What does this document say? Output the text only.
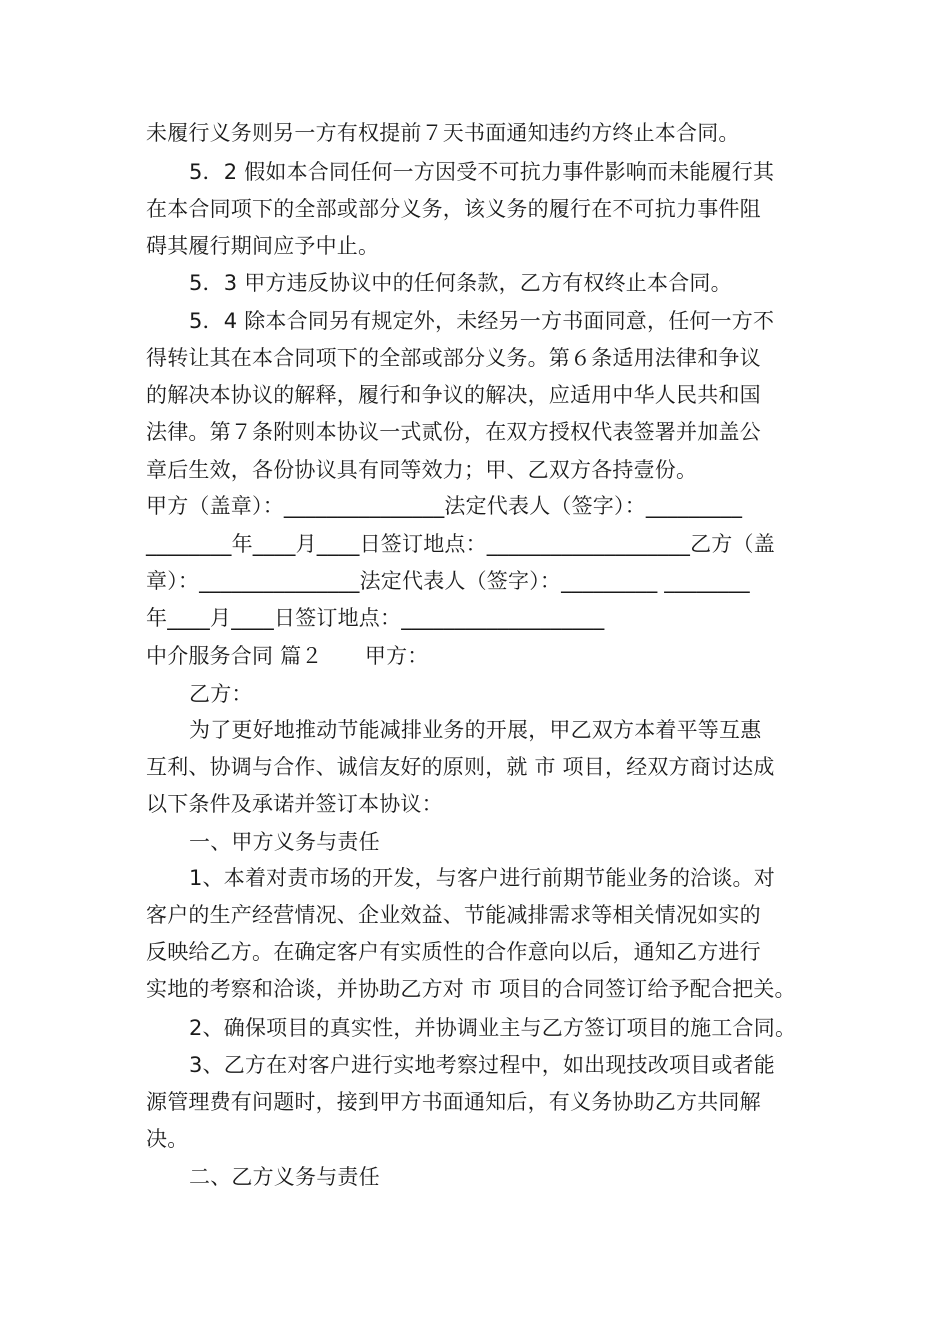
未履行义务则另一方有权提前７天书面通知违约方终止本合同。
5．2 假如本合同任何一方因受不可抗力事件影响而未能履行其
在本合同项下的全部或部分义务，该义务的履行在不可抗力事件阻
碍其履行期间应予中止。
5．3 甲方违反协议中的任何条款，乙方有权终止本合同。
5．4 除本合同另有规定外，未经另一方书面同意，任何一方不
得转让其在本合同项下的全部或部分义务。第６条适用法律和争议
的解决本协议的解释，履行和争议的解决，应适用中华人民共和国
法律。第７条附则本协议一式贰份，在双方授权代表签署并加盖公
章后生效，各份协议具有同等效力；甲、乙双方各持壹份。
甲方（盖章）：_______________法定代表人（签字）：_________
________年____月____日签订地点：___________________乙方（盖
章）：_______________法定代表人（签字）：_________ ________
年____月____日签订地点：___________________
中介服务合同 篇２　　甲方：
乙方：
为了更好地推动节能减排业务的开展，甲乙双方本着平等互惠
互利、协调与合作、诚信友好的原则，就 市 项目，经双方商讨达成
以下条件及承诺并签订本协议：
一、甲方义务与责任
1、本着对责市场的开发，与客户进行前期节能业务的洽谈。对
客户的生产经营情况、企业效益、节能减排需求等相关情况如实的
反映给乙方。在确定客户有实质性的合作意向以后，通知乙方进行
实地的考察和洽谈，并协助乙方对 市 项目的合同签订给予配合把关。
2、确保项目的真实性，并协调业主与乙方签订项目的施工合同。
3、乙方在对客户进行实地考察过程中，如出现技改项目或者能
源管理费有问题时，接到甲方书面通知后，有义务协助乙方共同解
决。
二、乙方义务与责任
